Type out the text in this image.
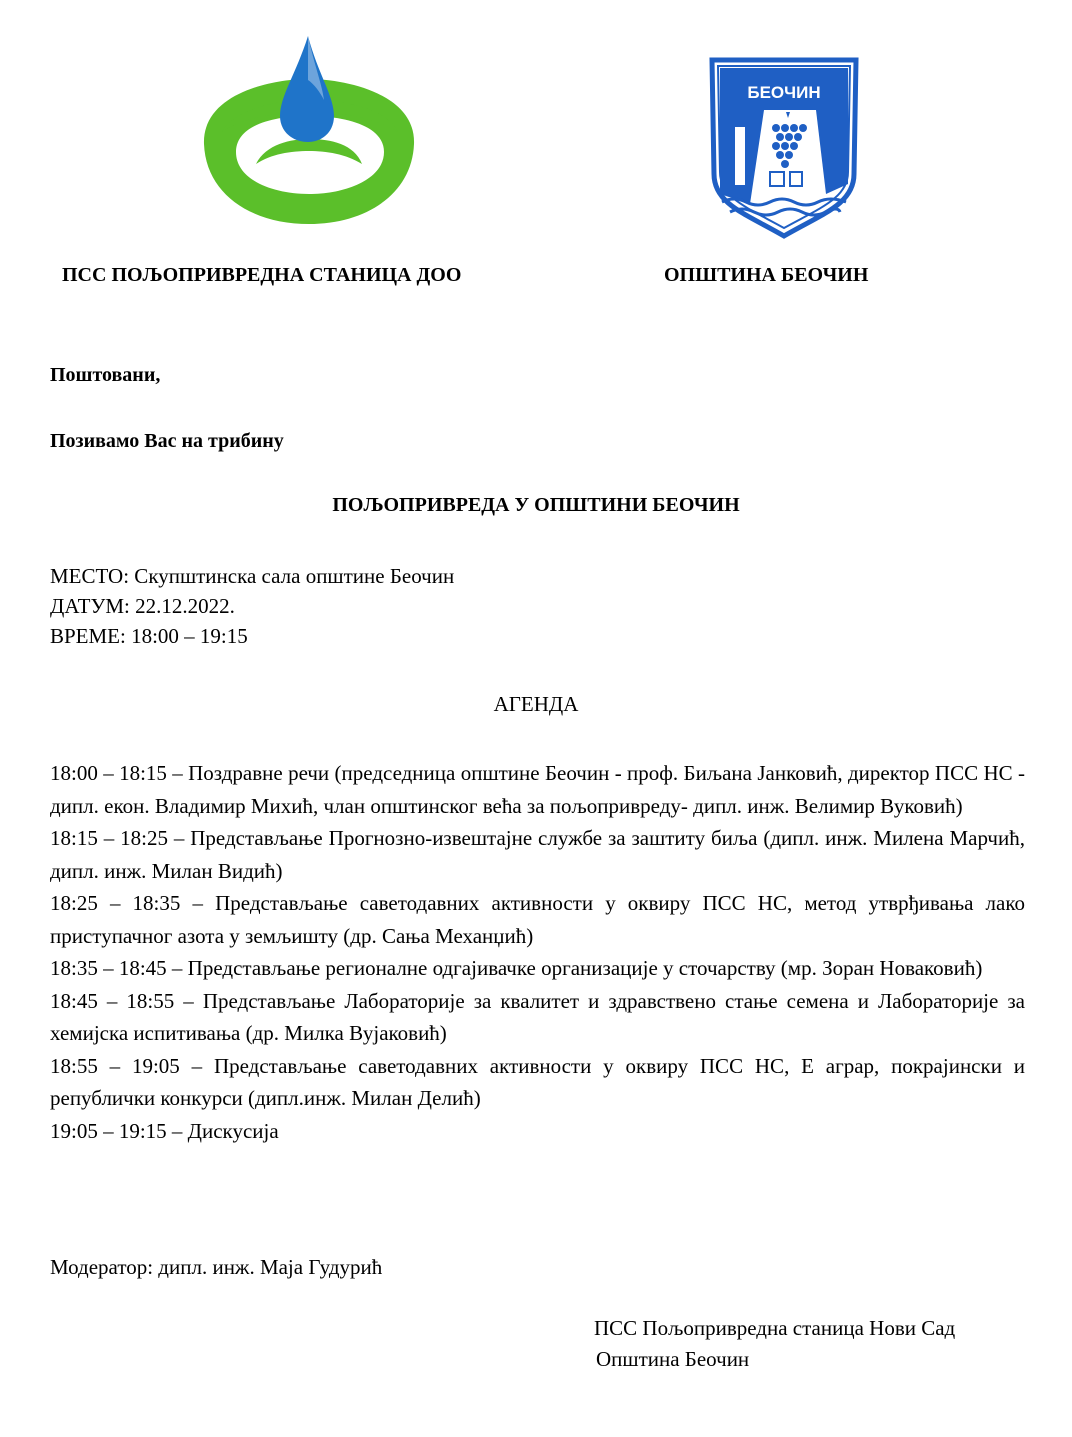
БЕОЧИН
ПСС ПОЉОПРИВРЕДНА СТАНИЦА ДОО	ОПШТИНА БЕОЧИН
Поштовани,
Позивамо Вас на трибину
ПОЉОПРИВРЕДА У ОПШТИНИ БЕОЧИН
МЕСТО: Скупштинска сала општине Беочин
ДАТУМ: 22.12.2022.
ВРЕМЕ: 18:00 – 19:15
АГЕНДА
18:00 – 18:15 – Поздравне речи (председница општине Беочин - проф. Биљана Јанковић, директор ПСС НС - дипл. екон. Владимир Михић, члан општинског већа за пољопривреду- дипл. инж. Велимир Вуковић)
18:15 – 18:25 – Представљање Прогнозно-извештајне службе за заштиту биља (дипл. инж. Милена Марчић, дипл. инж. Милан Видић)
18:25 – 18:35 – Представљање саветодавних активности у оквиру ПСС НС, метод утврђивања лако приступачног азота у земљишту (др. Сања Механџић)
18:35 – 18:45 – Представљање регионалне одгајивачке организације у сточарству (мр. Зоран Новаковић)
18:45 – 18:55 – Представљање Лабораторије за квалитет и здравствено стање семена и Лабораторије за хемијска испитивања (др. Милка Вујаковић)
18:55 – 19:05 – Представљање саветодавних активности у оквиру ПСС НС, Е аграр, покрајински и републички конкурси (дипл.инж. Милан Делић)
19:05 – 19:15 – Дискусија
Модератор: дипл. инж. Маја Гудурић
ПСС Пољопривредна станица Нови Сад
Општина Беочин
